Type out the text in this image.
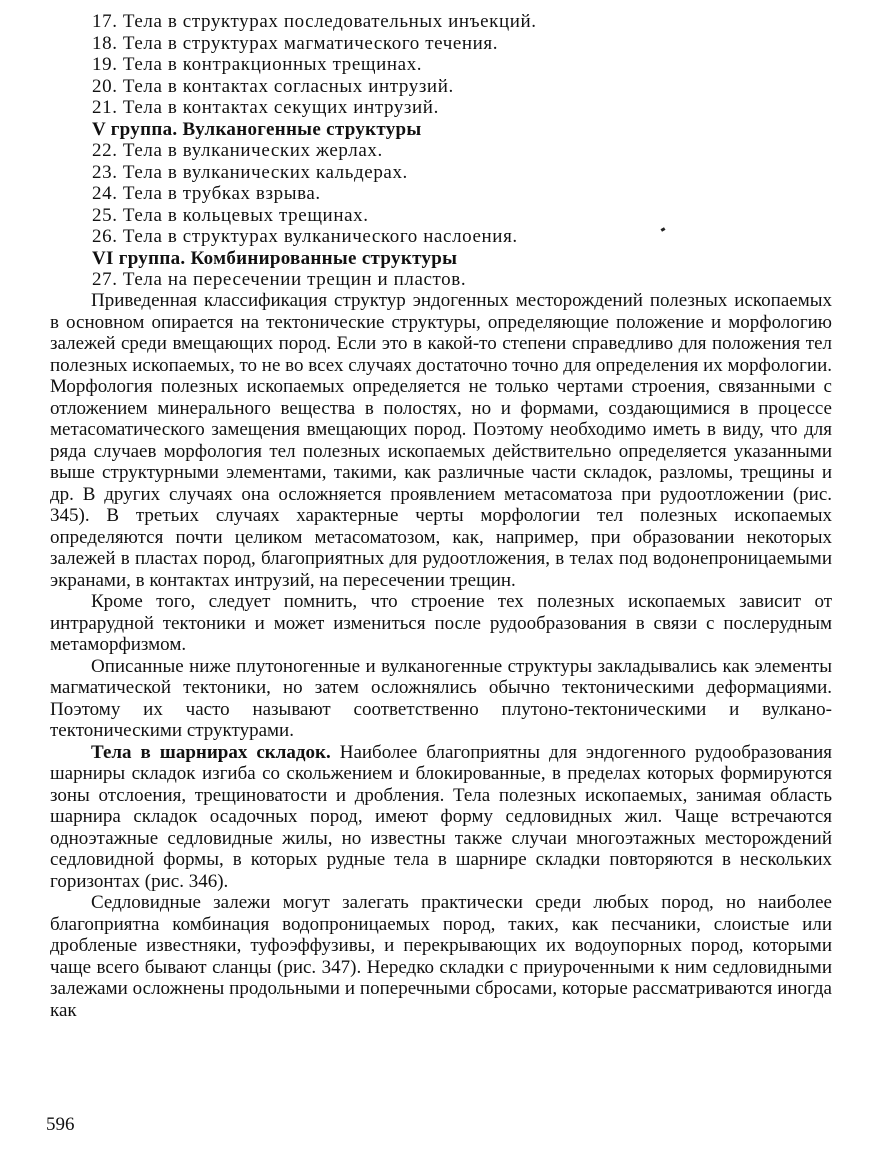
17. Тела в структурах последовательных инъекций.
18. Тела в структурах магматического течения.
19. Тела в контракционных трещинах.
20. Тела в контактах согласных интрузий.
21. Тела в контактах секущих интрузий.
V группа. Вулканогенные структуры
22. Тела в вулканических жерлах.
23. Тела в вулканических кальдерах.
24. Тела в трубках взрыва.
25. Тела в кольцевых трещинах.
26. Тела в структурах вулканического наслоения.
VI группа. Комбинированные структуры
27. Тела на пересечении трещин и пластов.

Приведенная классификация структур эндогенных месторождений полезных ископаемых в основном опирается на тектонические структуры, определяющие положение и морфологию залежей среди вмещающих пород. Если это в какой-то степени справедливо для положения тел полезных ископаемых, то не во всех случаях достаточно точно для определения их морфологии. Морфология полезных ископаемых определяется не только чертами строения, связанными с отложением минерального вещества в полостях, но и формами, создающимися в процессе метасоматического замещения вмещающих пород. Поэтому необходимо иметь в виду, что для ряда случаев морфология тел полезных ископаемых действительно определяется указанными выше структурными элементами, такими, как различные части складок, разломы, трещины и др. В других случаях она осложняется проявлением метасоматоза при рудоотложении (рис. 345). В третьих случаях характерные черты морфологии тел полезных ископаемых определяются почти целиком метасоматозом, как, например, при образовании некоторых залежей в пластах пород, благоприятных для рудоотложения, в телах под водонепроницаемыми экранами, в контактах интрузий, на пересечении трещин.

Кроме того, следует помнить, что строение тех полезных ископаемых зависит от интрарудной тектоники и может измениться после рудообразования в связи с послерудным метаморфизмом.

Описанные ниже плутоногенные и вулканогенные структуры закладывались как элементы магматической тектоники, но затем осложнялись обычно тектоническими деформациями. Поэтому их часто называют соответственно плутоно-тектоническими и вулкано-тектоническими структурами.

Тела в шарнирах складок. Наиболее благоприятны для эндогенного рудообразования шарниры складок изгиба со скольжением и блокированные, в пределах которых формируются зоны отслоения, трещиноватости и дробления. Тела полезных ископаемых, занимая область шарнира складок осадочных пород, имеют форму седловидных жил. Чаще встречаются одноэтажные седловидные жилы, но известны также случаи многоэтажных месторождений седловидной формы, в которых рудные тела в шарнире складки повторяются в нескольких горизонтах (рис. 346).

Седловидные залежи могут залегать практически среди любых пород, но наиболее благоприятна комбинация водопроницаемых пород, таких, как песчаники, слоистые или дробленые известняки, туфоэффузивы, и перекрывающих их водоупорных пород, которыми чаще всего бывают сланцы (рис. 347). Нередко складки с приуроченными к ним седловидными залежами осложнены продольными и поперечными сбросами, которые рассматриваются иногда как

596
